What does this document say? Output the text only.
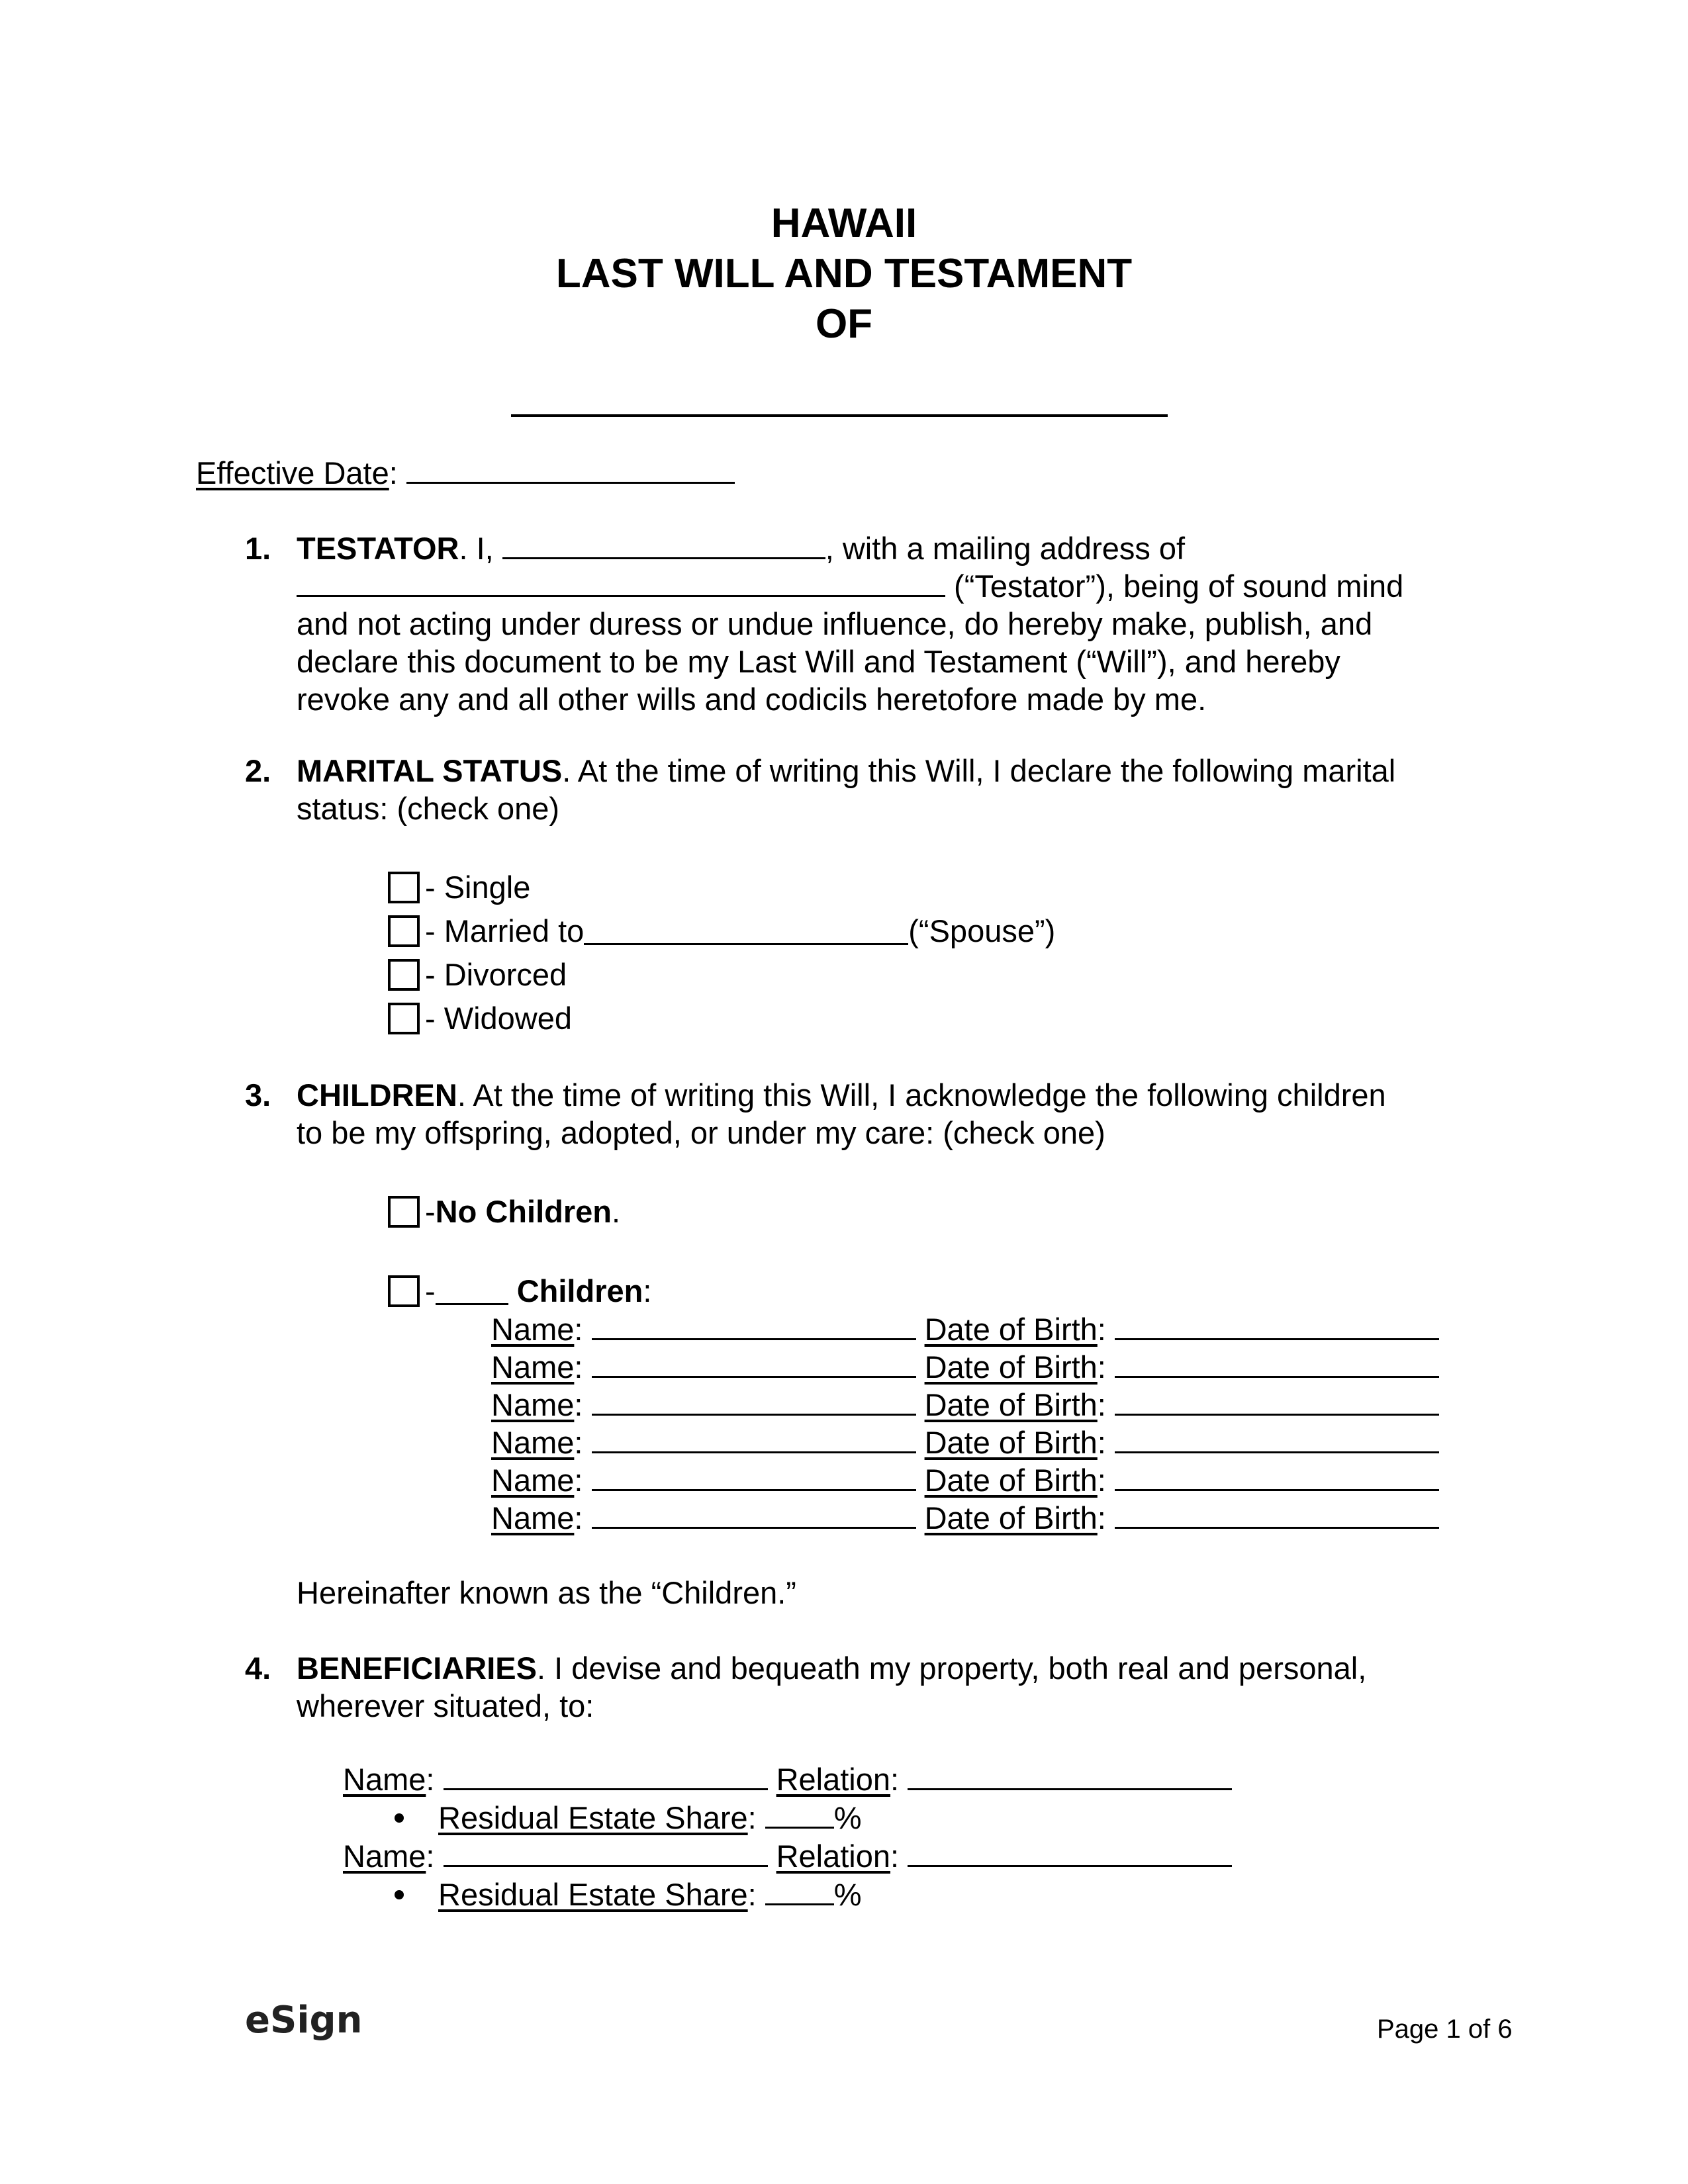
HAWAII
LAST WILL AND TESTAMENT
OF
Effective Date:
1. TESTATOR. I,	, with a mailing address of
(“Testator”), being of sound mind
and not acting under duress or undue influence, do hereby make, publish, and
declare this document to be my Last Will and Testament (“Will”), and hereby
revoke any and all other wills and codicils heretofore made by me.
2. MARITAL STATUS. At the time of writing this Will, I declare the following marital
status: (check one)
- Single
- Married to	(“Spouse”)
- Divorced
- Widowed
3. CHILDREN. At the time of writing this Will, I acknowledge the following children
to be my offspring, adopted, or under my care: (check one)
- No Children .
-
	Children :
Name:	Date of Birth:
Name:	Date of Birth:
Name:	Date of Birth:
Name:	Date of Birth:
Name:	Date of Birth:
Name:	Date of Birth:
Hereinafter known as the “Children.”
4. BENEFICIARIES. I devise and bequeath my property, both real and personal,
wherever situated, to:
Name:	Relation:
Residual Estate Share: %
Name:	Relation:
Residual Estate Share: %
eSign	Page 1 of 6
